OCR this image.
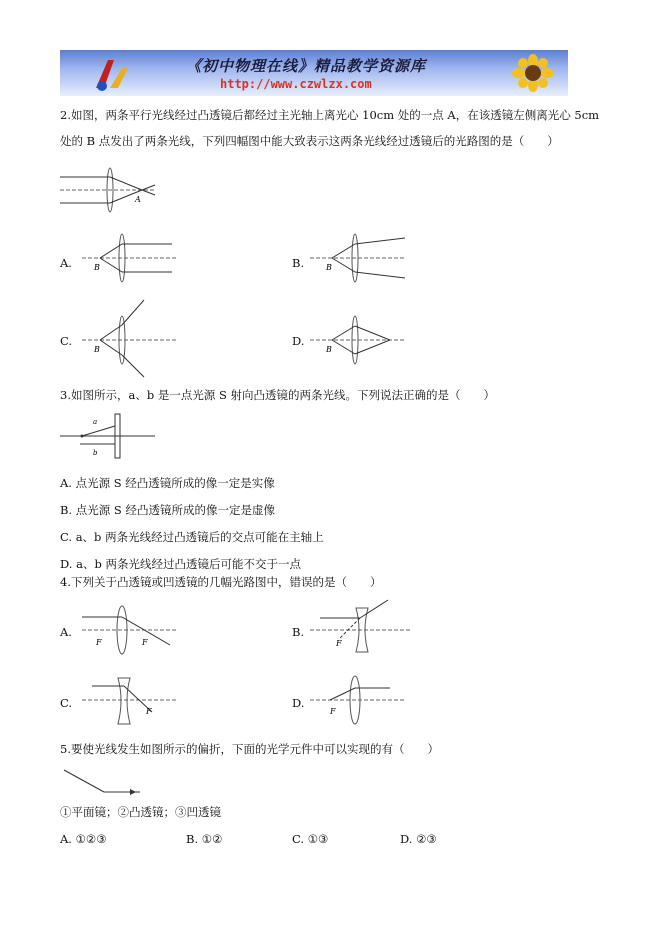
《初中物理在线》精品教学资源库
http://www.czwlzx.com
2.如图，两条平行光线经过凸透镜后都经过主光轴上离光心 10cm 处的一点 A，在该透镜左侧离光心 5cm 处的 B 点发出了两条光线，下列四幅图中能大致表示这两条光线经过透镜后的光路图的是（　　）
A
A.	B	B.	B
C.
B
D.
B
3.如图所示，a、b 是一点光源 S 射向凸透镜的两条光线。下列说法正确的是（　　）
a
b
A. 点光源 S 经凸透镜所成的像一定是实像
B. 点光源 S 经凸透镜所成的像一定是虚像
C. a、b 两条光线经过凸透镜后的交点可能在主轴上
D. a、b 两条光线经过凸透镜后可能不交于一点
4.下列关于凸透镜或凹透镜的几幅光路图中，错误的是（　　）
A.
F	F
B.
F
C.
F
D.
F
5.要使光线发生如图所示的偏折，下面的光学元件中可以实现的有（　　）
①平面镜；②凸透镜；③凹透镜
A. ①②③	B. ①②	C. ①③	D. ②③
